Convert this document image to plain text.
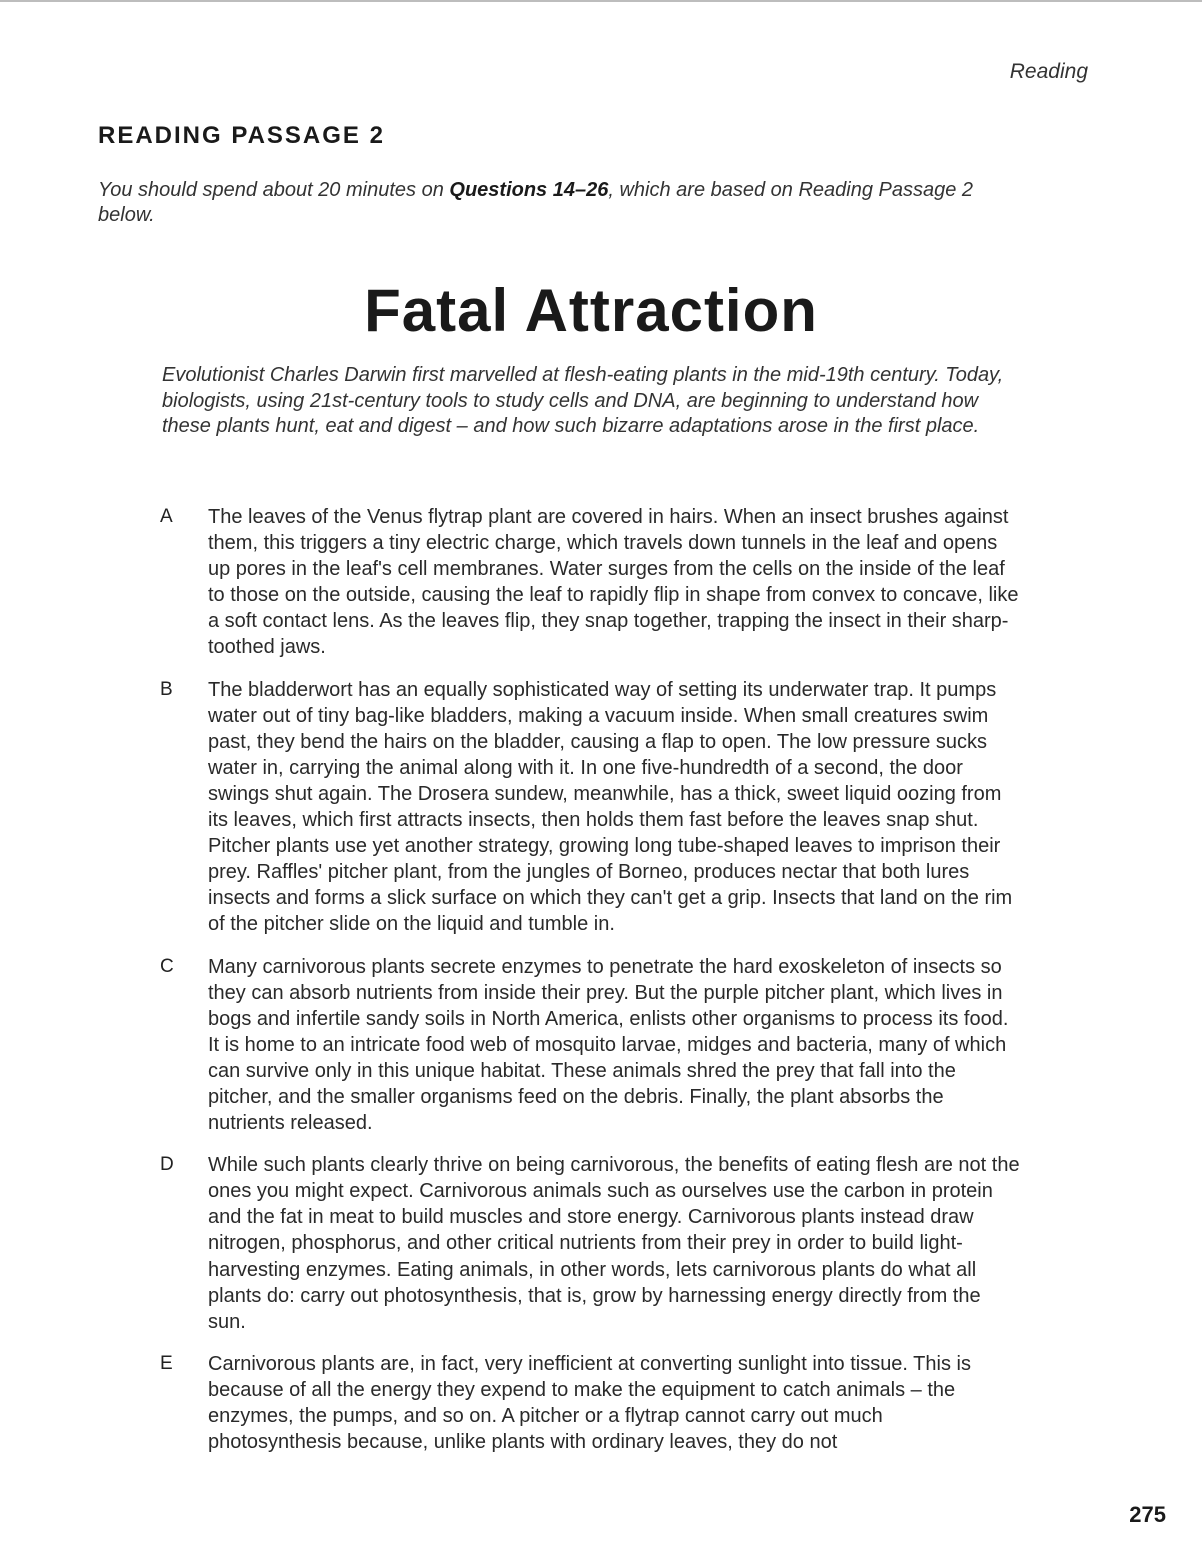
Reading
READING PASSAGE 2
You should spend about 20 minutes on Questions 14–26, which are based on Reading Passage 2 below.
Fatal Attraction
Evolutionist Charles Darwin first marvelled at flesh-eating plants in the mid-19th century. Today, biologists, using 21st-century tools to study cells and DNA, are beginning to understand how these plants hunt, eat and digest – and how such bizarre adaptations arose in the first place.
A	The leaves of the Venus flytrap plant are covered in hairs. When an insect brushes against them, this triggers a tiny electric charge, which travels down tunnels in the leaf and opens up pores in the leaf's cell membranes. Water surges from the cells on the inside of the leaf to those on the outside, causing the leaf to rapidly flip in shape from convex to concave, like a soft contact lens. As the leaves flip, they snap together, trapping the insect in their sharp-toothed jaws.
B	The bladderwort has an equally sophisticated way of setting its underwater trap. It pumps water out of tiny bag-like bladders, making a vacuum inside. When small creatures swim past, they bend the hairs on the bladder, causing a flap to open. The low pressure sucks water in, carrying the animal along with it. In one five-hundredth of a second, the door swings shut again. The Drosera sundew, meanwhile, has a thick, sweet liquid oozing from its leaves, which first attracts insects, then holds them fast before the leaves snap shut. Pitcher plants use yet another strategy, growing long tube-shaped leaves to imprison their prey. Raffles' pitcher plant, from the jungles of Borneo, produces nectar that both lures insects and forms a slick surface on which they can't get a grip. Insects that land on the rim of the pitcher slide on the liquid and tumble in.
C	Many carnivorous plants secrete enzymes to penetrate the hard exoskeleton of insects so they can absorb nutrients from inside their prey. But the purple pitcher plant, which lives in bogs and infertile sandy soils in North America, enlists other organisms to process its food. It is home to an intricate food web of mosquito larvae, midges and bacteria, many of which can survive only in this unique habitat. These animals shred the prey that fall into the pitcher, and the smaller organisms feed on the debris. Finally, the plant absorbs the nutrients released.
D	While such plants clearly thrive on being carnivorous, the benefits of eating flesh are not the ones you might expect. Carnivorous animals such as ourselves use the carbon in protein and the fat in meat to build muscles and store energy. Carnivorous plants instead draw nitrogen, phosphorus, and other critical nutrients from their prey in order to build light-harvesting enzymes. Eating animals, in other words, lets carnivorous plants do what all plants do: carry out photosynthesis, that is, grow by harnessing energy directly from the sun.
E	Carnivorous plants are, in fact, very inefficient at converting sunlight into tissue. This is because of all the energy they expend to make the equipment to catch animals – the enzymes, the pumps, and so on. A pitcher or a flytrap cannot carry out much photosynthesis because, unlike plants with ordinary leaves, they do not
275
